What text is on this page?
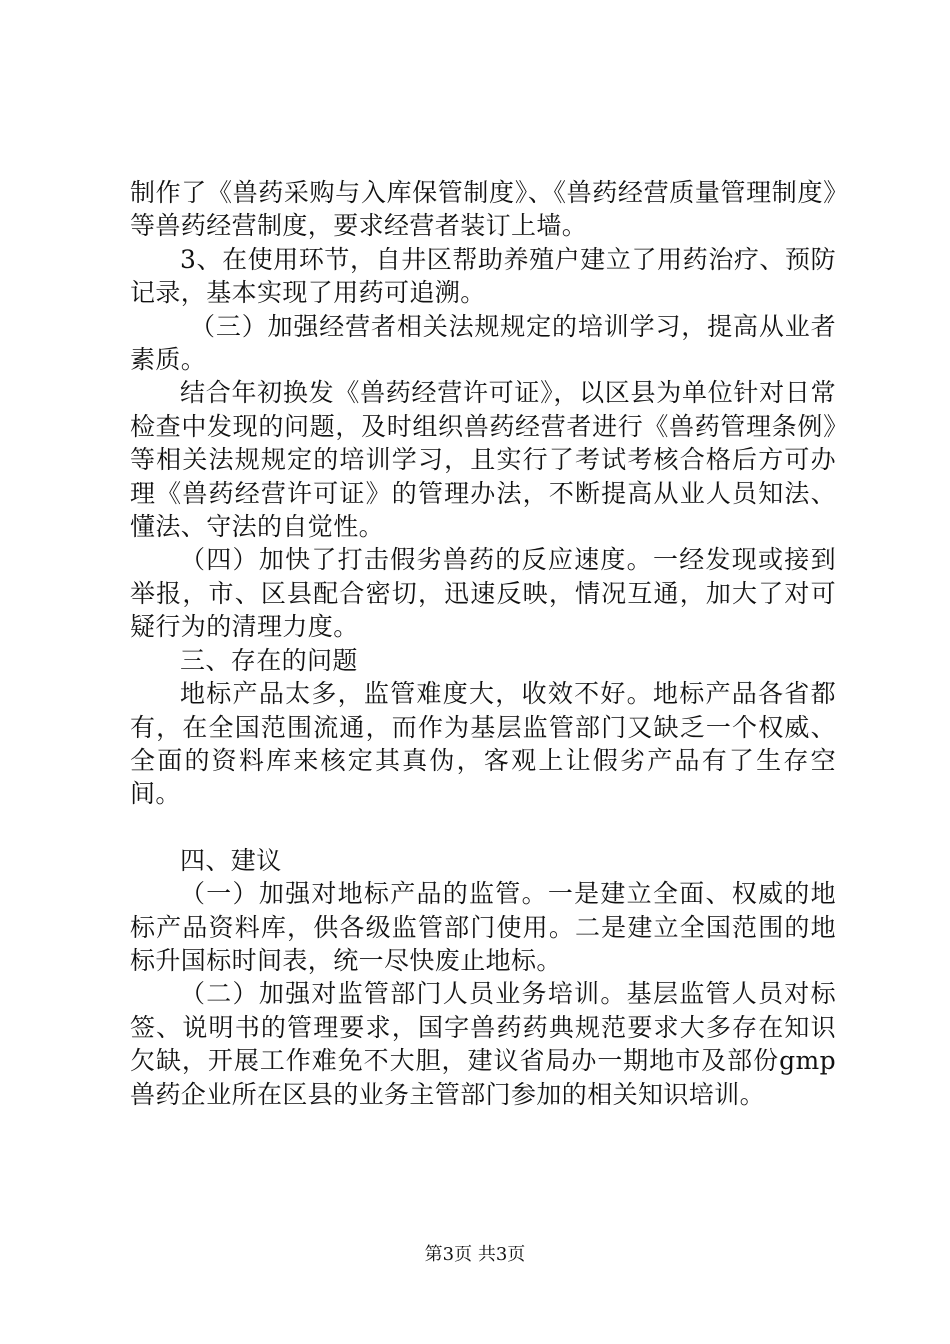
制作了《兽药采购与入库保管制度》、《兽药经营质量管理制度》等兽药经营制度，要求经营者装订上墙。

3、在使用环节，自井区帮助养殖户建立了用药治疗、预防记录，基本实现了用药可追溯。

（三）加强经营者相关法规规定的培训学习，提高从业者素质。

结合年初换发《兽药经营许可证》，以区县为单位针对日常检查中发现的问题，及时组织兽药经营者进行《兽药管理条例》等相关法规规定的培训学习，且实行了考试考核合格后方可办理《兽药经营许可证》的管理办法，不断提高从业人员知法、懂法、守法的自觉性。

（四）加快了打击假劣兽药的反应速度。一经发现或接到举报，市、区县配合密切，迅速反映，情况互通，加大了对可疑行为的清理力度。

三、存在的问题

地标产品太多，监管难度大，收效不好。地标产品各省都有，在全国范围流通，而作为基层监管部门又缺乏一个权威、全面的资料库来核定其真伪，客观上让假劣产品有了生存空间。

四、建议

（一）加强对地标产品的监管。一是建立全面、权威的地标产品资料库，供各级监管部门使用。二是建立全国范围的地标升国标时间表，统一尽快废止地标。

（二）加强对监管部门人员业务培训。基层监管人员对标签、说明书的管理要求，国字兽药药典规范要求大多存在知识欠缺，开展工作难免不大胆，建议省局办一期地市及部份gmp兽药企业所在区县的业务主管部门参加的相关知识培训。

第3页 共3页
